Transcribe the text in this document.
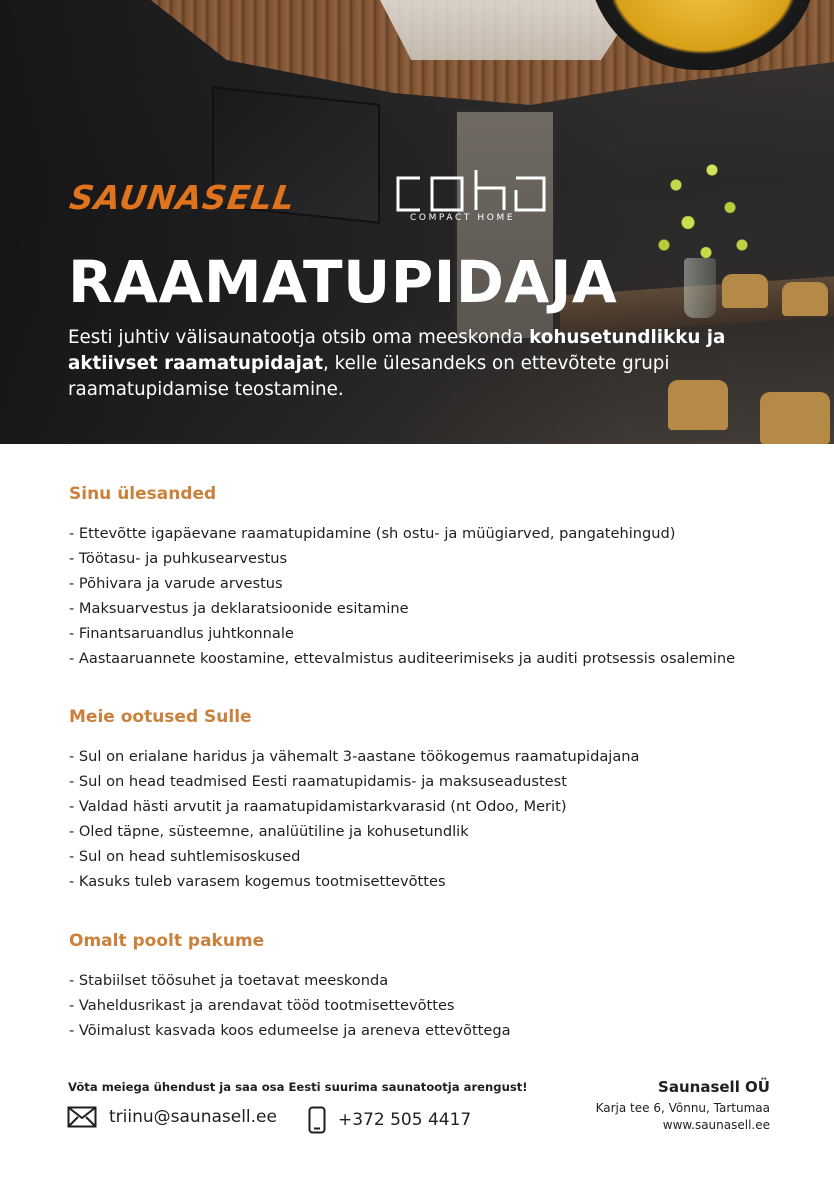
SAUNASELL
COMPACT HOME
RAAMATUPIDAJA

Eesti juhtiv välisaunatootja otsib oma meeskonda kohusetundlikku ja aktiivset raamatupidajat, kelle ülesandeks on ettevõtete grupi raamatupidamise teostamine.

Sinu ülesanded
- Ettevõtte igapäevane raamatupidamine (sh ostu- ja müügiarved, pangatehingud)
- Töötasu- ja puhkusearvestus
- Põhivara ja varude arvestus
- Maksuarvestus ja deklaratsioonide esitamine
- Finantsaruandlus juhtkonnale
- Aastaaruannete koostamine, ettevalmistus auditeerimiseks ja auditi protsessis osalemine
Meie ootused Sulle
- Sul on erialane haridus ja vähemalt 3-aastane töökogemus raamatupidajana
- Sul on head teadmised Eesti raamatupidamis- ja maksuseadustest
- Valdad hästi arvutit ja raamatupidamistarkvarasid (nt Odoo, Merit)
- Oled täpne, süsteemne, analüütiline ja kohusetundlik
- Sul on head suhtlemisoskused
- Kasuks tuleb varasem kogemus tootmisettevõttes
Omalt poolt pakume
- Stabiilset töösuhet ja toetavat meeskonda
- Vaheldusrikast ja arendavat tööd tootmisettevõttes
- Võimalust kasvada koos edumeelse ja areneva ettevõttega
Võta meiega ühendust ja saa osa Eesti suurima saunatootja arengust!
triinu@saunasell.ee	+372 505 4417
Saunasell OÜ
Karja tee 6, Võnnu, Tartumaa
www.saunasell.ee
